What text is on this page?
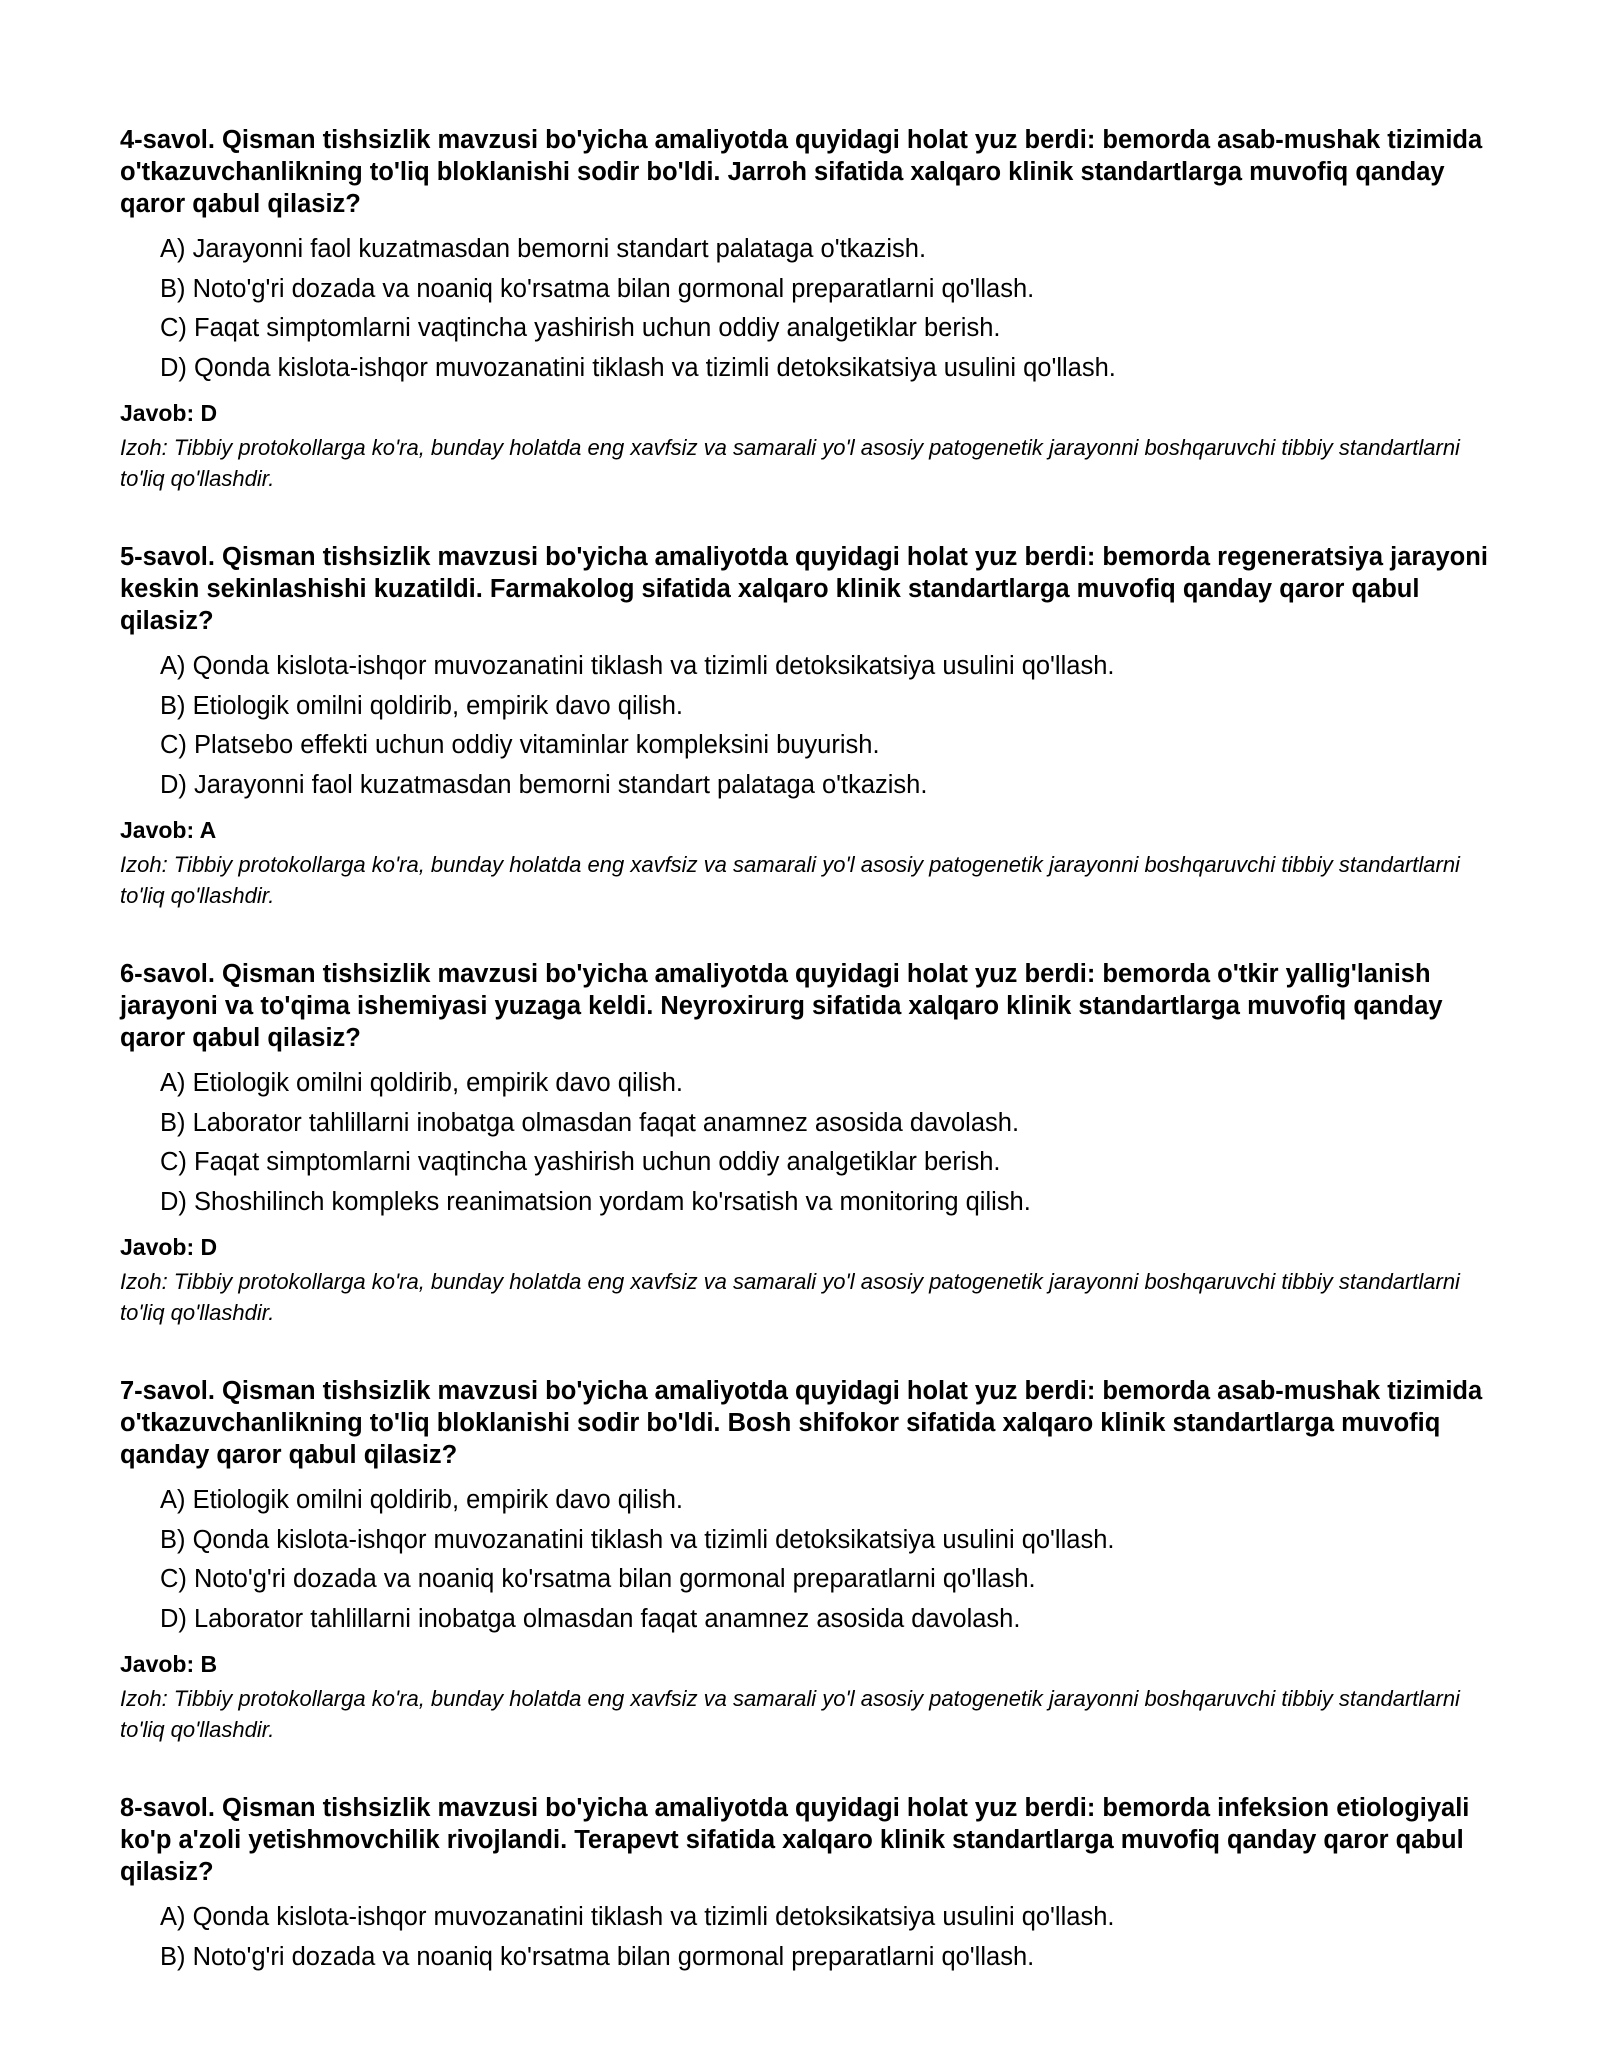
4-savol. Qisman tishsizlik mavzusi bo'yicha amaliyotda quyidagi holat yuz berdi: bemorda asab-mushak tizimida o'tkazuvchanlikning to'liq bloklanishi sodir bo'ldi. Jarroh sifatida xalqaro klinik standartlarga muvofiq qanday qaror qabul qilasiz?
A) Jarayonni faol kuzatmasdan bemorni standart palataga o'tkazish.
B) Noto'g'ri dozada va noaniq ko'rsatma bilan gormonal preparatlarni qo'llash.
C) Faqat simptomlarni vaqtincha yashirish uchun oddiy analgetiklar berish.
D) Qonda kislota-ishqor muvozanatini tiklash va tizimli detoksikatsiya usulini qo'llash.
Javob: D
Izoh: Tibbiy protokollarga ko'ra, bunday holatda eng xavfsiz va samarali yo'l asosiy patogenetik jarayonni boshqaruvchi tibbiy standartlarni to'liq qo'llashdir.
5-savol. Qisman tishsizlik mavzusi bo'yicha amaliyotda quyidagi holat yuz berdi: bemorda regeneratsiya jarayoni keskin sekinlashishi kuzatildi. Farmakolog sifatida xalqaro klinik standartlarga muvofiq qanday qaror qabul qilasiz?
A) Qonda kislota-ishqor muvozanatini tiklash va tizimli detoksikatsiya usulini qo'llash.
B) Etiologik omilni qoldirib, empirik davo qilish.
C) Platsebo effekti uchun oddiy vitaminlar kompleksini buyurish.
D) Jarayonni faol kuzatmasdan bemorni standart palataga o'tkazish.
Javob: A
Izoh: Tibbiy protokollarga ko'ra, bunday holatda eng xavfsiz va samarali yo'l asosiy patogenetik jarayonni boshqaruvchi tibbiy standartlarni to'liq qo'llashdir.
6-savol. Qisman tishsizlik mavzusi bo'yicha amaliyotda quyidagi holat yuz berdi: bemorda o'tkir yallig'lanish jarayoni va to'qima ishemiyasi yuzaga keldi. Neyroxirurg sifatida xalqaro klinik standartlarga muvofiq qanday qaror qabul qilasiz?
A) Etiologik omilni qoldirib, empirik davo qilish.
B) Laborator tahlillarni inobatga olmasdan faqat anamnez asosida davolash.
C) Faqat simptomlarni vaqtincha yashirish uchun oddiy analgetiklar berish.
D) Shoshilinch kompleks reanimatsion yordam ko'rsatish va monitoring qilish.
Javob: D
Izoh: Tibbiy protokollarga ko'ra, bunday holatda eng xavfsiz va samarali yo'l asosiy patogenetik jarayonni boshqaruvchi tibbiy standartlarni to'liq qo'llashdir.
7-savol. Qisman tishsizlik mavzusi bo'yicha amaliyotda quyidagi holat yuz berdi: bemorda asab-mushak tizimida o'tkazuvchanlikning to'liq bloklanishi sodir bo'ldi. Bosh shifokor sifatida xalqaro klinik standartlarga muvofiq qanday qaror qabul qilasiz?
A) Etiologik omilni qoldirib, empirik davo qilish.
B) Qonda kislota-ishqor muvozanatini tiklash va tizimli detoksikatsiya usulini qo'llash.
C) Noto'g'ri dozada va noaniq ko'rsatma bilan gormonal preparatlarni qo'llash.
D) Laborator tahlillarni inobatga olmasdan faqat anamnez asosida davolash.
Javob: B
Izoh: Tibbiy protokollarga ko'ra, bunday holatda eng xavfsiz va samarali yo'l asosiy patogenetik jarayonni boshqaruvchi tibbiy standartlarni to'liq qo'llashdir.
8-savol. Qisman tishsizlik mavzusi bo'yicha amaliyotda quyidagi holat yuz berdi: bemorda infeksion etiologiyali ko'p a'zoli yetishmovchilik rivojlandi. Terapevt sifatida xalqaro klinik standartlarga muvofiq qanday qaror qabul qilasiz?
A) Qonda kislota-ishqor muvozanatini tiklash va tizimli detoksikatsiya usulini qo'llash.
B) Noto'g'ri dozada va noaniq ko'rsatma bilan gormonal preparatlarni qo'llash.
